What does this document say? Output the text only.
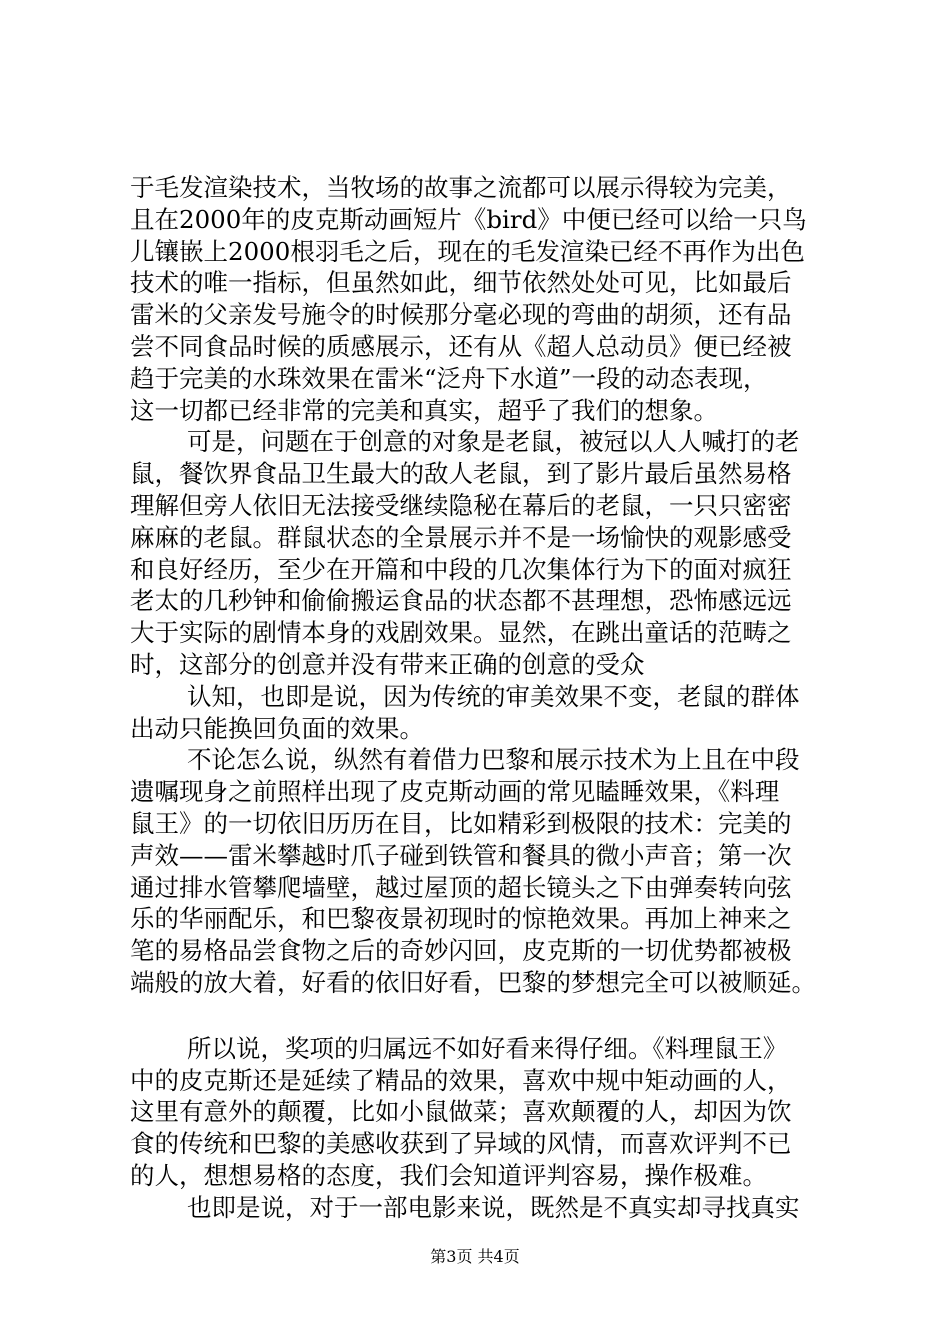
于毛发渲染技术，当牧场的故事之流都可以展示得较为完美，
且在2000年的皮克斯动画短片《bird》中便已经可以给一只鸟
儿镶嵌上2000根羽毛之后，现在的毛发渲染已经不再作为出色
技术的唯一指标，但虽然如此，细节依然处处可见，比如最后
雷米的父亲发号施令的时候那分毫必现的弯曲的胡须，还有品
尝不同食品时候的质感展示，还有从《超人总动员》便已经被
趋于完美的水珠效果在雷米“泛舟下水道”一段的动态表现，
这一切都已经非常的完美和真实，超乎了我们的想象。
可是，问题在于创意的对象是老鼠，被冠以人人喊打的老
鼠，餐饮界食品卫生最大的敌人老鼠，到了影片最后虽然易格
理解但旁人依旧无法接受继续隐秘在幕后的老鼠，一只只密密
麻麻的老鼠。群鼠状态的全景展示并不是一场愉快的观影感受
和良好经历，至少在开篇和中段的几次集体行为下的面对疯狂
老太的几秒钟和偷偷搬运食品的状态都不甚理想，恐怖感远远
大于实际的剧情本身的戏剧效果。显然，在跳出童话的范畴之
时，这部分的创意并没有带来正确的创意的受众
认知，也即是说，因为传统的审美效果不变，老鼠的群体
出动只能换回负面的效果。
不论怎么说，纵然有着借力巴黎和展示技术为上且在中段
遗嘱现身之前照样出现了皮克斯动画的常见瞌睡效果，《料理
鼠王》的一切依旧历历在目，比如精彩到极限的技术：完美的
声效——雷米攀越时爪子碰到铁管和餐具的微小声音；第一次
通过排水管攀爬墙壁，越过屋顶的超长镜头之下由弹奏转向弦
乐的华丽配乐，和巴黎夜景初现时的惊艳效果。再加上神来之
笔的易格品尝食物之后的奇妙闪回，皮克斯的一切优势都被极
端般的放大着，好看的依旧好看，巴黎的梦想完全可以被顺延。
所以说，奖项的归属远不如好看来得仔细。《料理鼠王》
中的皮克斯还是延续了精品的效果，喜欢中规中矩动画的人，
这里有意外的颠覆，比如小鼠做菜；喜欢颠覆的人，却因为饮
食的传统和巴黎的美感收获到了异域的风情，而喜欢评判不已
的人，想想易格的态度，我们会知道评判容易，操作极难。
也即是说，对于一部电影来说，既然是不真实却寻找真实
第3页 共4页
